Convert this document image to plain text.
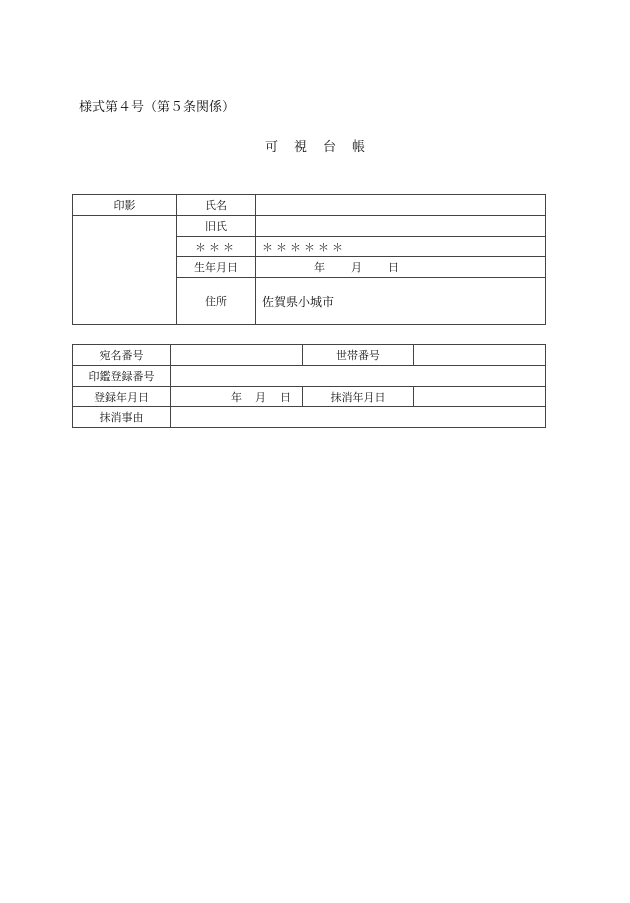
様式第４号（第５条関係）
可 視 台 帳
印影	氏名	
	旧氏	
	＊＊＊	＊＊＊＊＊＊
	生年月日	年 月 日
	住所	佐賀県小城市
宛名番号		世帯番号	
印鑑登録番号			
登録年月日	年 月 日	抹消年月日	
抹消事由			
